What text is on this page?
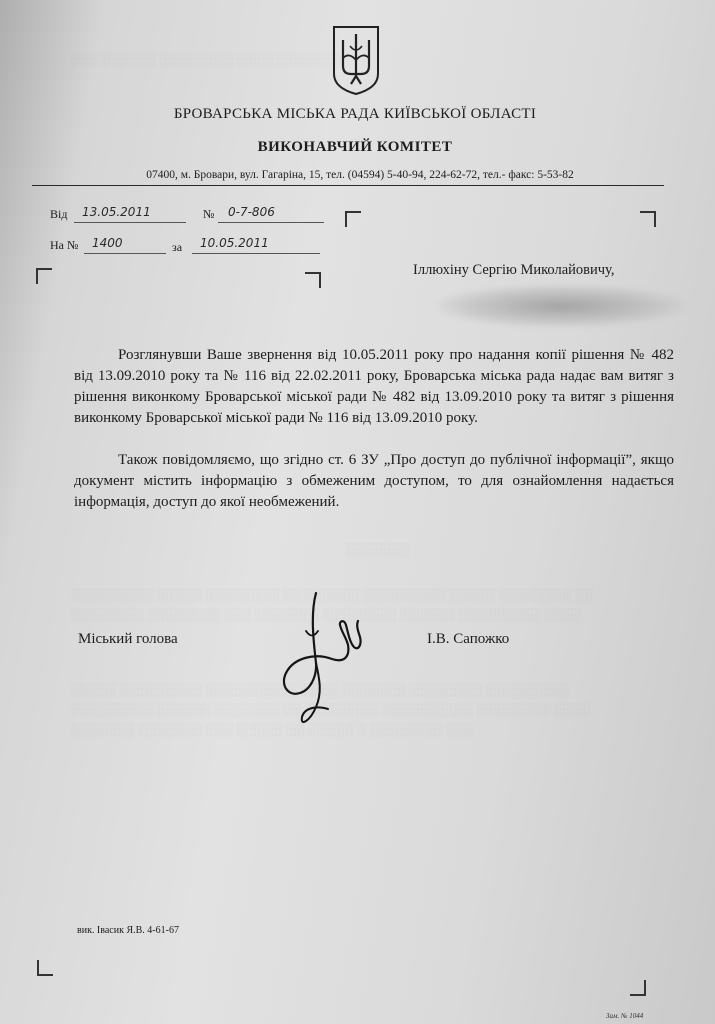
░░░ ░░░░░░ ░░░░░░░░ ░░░░ ░░░░░░░
░░░░░░░
░░░░░░░░░ ░░░░░ ░░░░░░░░ ░░ ░░░░░░ ░░░░░░░░░ ░░░░░ ░░░░░░░░ ░░
░░░░░░░░ ░░░░░░░░ ░░░ ░░░░░░░ ░░░░░░░░ ░░░░░░ ░░░░░░░░░ ░░░░
░░░░░ ░░░░░░░░░ ░░░░░░░░░░ ░░░░ ░░░░░░░ ░░░░░░░░ ░░░░░░░░░
░░░░░░░░░ ░░░░░░ ░░░░░░░ ░░ ░░░░░░░░ ░░░░░░░░░░ ░░░░░░░░ ░░░░
░░░░░░░ ░░░░░░░ ░░░ ░░░░░ ░░ ░░░░░ ░ ░░░░░░░░ ░░░
БРОВАРСЬКА МІСЬКА РАДА КИЇВСЬКОЇ ОБЛАСТІ
ВИКОНАВЧИЙ КОМІТЕТ
07400, м. Бровари, вул. Гагаріна, 15, тел. (04594) 5-40-94, 224-62-72, тел.- факс: 5-53-82
Від 13.05.2011	№ 0-7-806
На № 1400	за 10.05.2011
Іллюхіну Сергію Миколайовичу,
Розглянувши Ваше звернення від 10.05.2011 року про надання копії рішення № 482 від 13.09.2010 року та № 116 від 22.02.2011 року, Броварська міська рада надає вам витяг з рішення виконкому Броварської міської ради № 482 від 13.09.2010 року та витяг з рішення виконкому Броварської міської ради № 116 від 13.09.2010 року.
Також повідомляємо, що згідно ст. 6 ЗУ „Про доступ до публічної інформації”, якщо документ містить інформацію з обмеженим доступом, то для ознайомлення надається інформація, доступ до якої необмежений.
Міський голова	І.В. Сапожко
вик. Івасик Я.В. 4-61-67
Зам. № 1044
